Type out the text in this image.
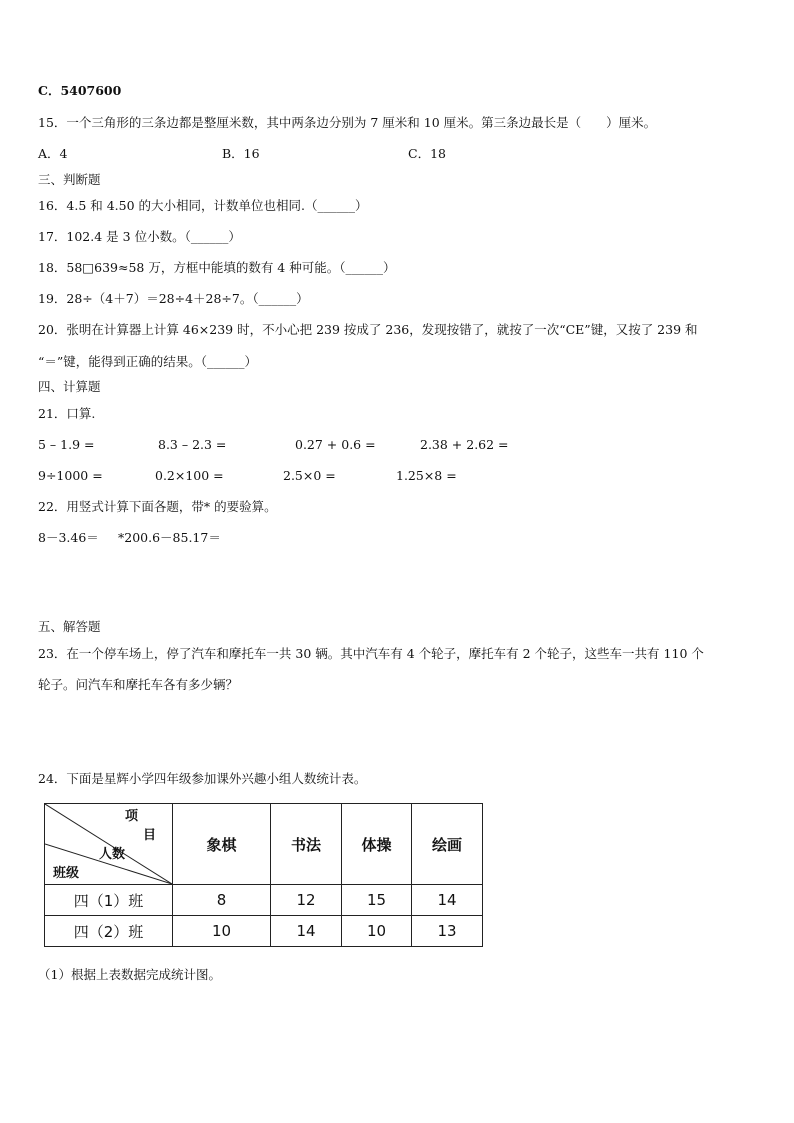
C．5407600
15．一个三角形的三条边都是整厘米数，其中两条边分别为 7 厘米和 10 厘米。第三条边最长是（　　）厘米。
A．4	B．16	C．18
三、判断题
16．4.5 和 4.50 的大小相同，计数单位也相同.（______）
17．102.4 是 3 位小数。（______）
18．58□639≈58 万，方框中能填的数有 4 种可能。（______）
19．28÷（4＋7）＝28÷4＋28÷7。（______）
20．张明在计算器上计算 46×239 时，不小心把 239 按成了 236，发现按错了，就按了一次“CE”键，又按了 239 和
“＝”键，能得到正确的结果。（______）
四、计算题
21．口算.
5 – 1.9 =	8.3 – 2.3 =	0.27 + 0.6 =	2.38 + 2.62 =
9÷1000 =	0.2×100 =	2.5×0 =	1.25×8 =
22．用竖式计算下面各题，带* 的要验算。
8－3.46＝ *200.6－85.17＝
五、解答题
23．在一个停车场上，停了汽车和摩托车一共 30 辆。其中汽车有 4 个轮子，摩托车有 2 个轮子，这些车一共有 110 个
轮子。问汽车和摩托车各有多少辆？
24．下面是星辉小学四年级参加课外兴趣小组人数统计表。
项
目
人数
班级	象棋	书法	体操	绘画
四（1）班	8	12	15	14
四（2）班	10	14	10	13
（1）根据上表数据完成统计图。
